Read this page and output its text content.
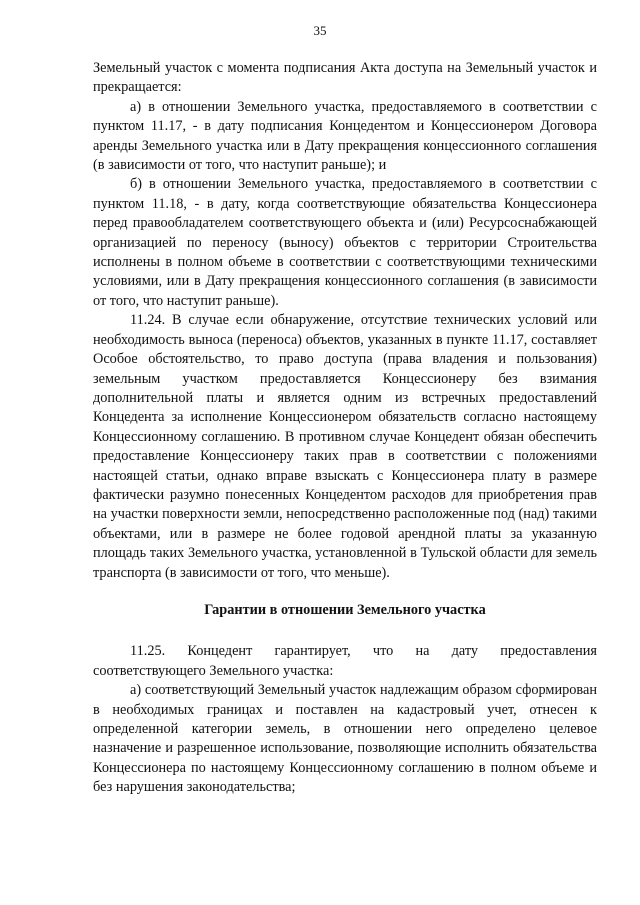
35

Земельный участок с момента подписания Акта доступа на Земельный участок и прекращается:

а) в отношении Земельного участка, предоставляемого в соответствии с пунктом 11.17, - в дату подписания Концедентом и Концессионером Договора аренды Земельного участка или в Дату прекращения концессионного соглашения (в зависимости от того, что наступит раньше); и

б) в отношении Земельного участка, предоставляемого в соответствии с пунктом 11.18, - в дату, когда соответствующие обязательства Концессионера перед правообладателем соответствующего объекта и (или) Ресурсоснабжающей организацией по переносу (выносу) объектов с территории Строительства исполнены в полном объеме в соответствии с соответствующими техническими условиями, или в Дату прекращения концессионного соглашения (в зависимости от того, что наступит раньше).

11.24. В случае если обнаружение, отсутствие технических условий или необходимость выноса (переноса) объектов, указанных в пункте 11.17, составляет Особое обстоятельство, то право доступа (права владения и пользования) земельным участком предоставляется Концессионеру без взимания дополнительной платы и является одним из встречных предоставлений Концедента за исполнение Концессионером обязательств согласно настоящему Концессионному соглашению. В противном случае Концедент обязан обеспечить предоставление Концессионеру таких прав в соответствии с положениями настоящей статьи, однако вправе взыскать с Концессионера плату в размере фактически разумно понесенных Концедентом расходов для приобретения прав на участки поверхности земли, непосредственно расположенные под (над) такими объектами, или в размере не более годовой арендной платы за указанную площадь таких Земельного участка, установленной в Тульской области для земель транспорта (в зависимости от того, что меньше).

Гарантии в отношении Земельного участка

11.25. Концедент гарантирует, что на дату предоставления соответствующего Земельного участка:

а) соответствующий Земельный участок надлежащим образом сформирован в необходимых границах и поставлен на кадастровый учет, отнесен к определенной категории земель, в отношении него определено целевое назначение и разрешенное использование, позволяющие исполнить обязательства Концессионера по настоящему Концессионному соглашению в полном объеме и без нарушения законодательства;
